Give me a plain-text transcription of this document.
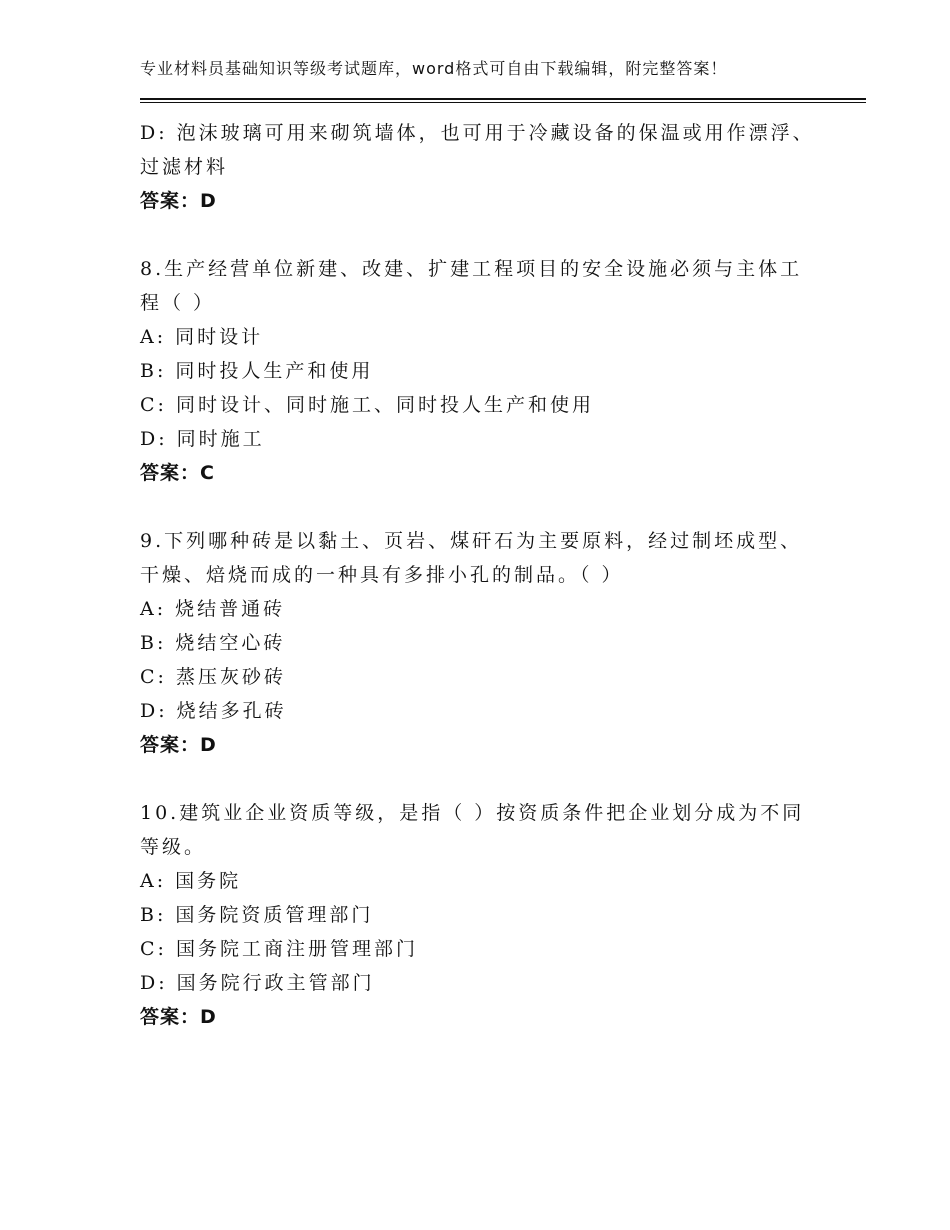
专业材料员基础知识等级考试题库，word格式可自由下载编辑，附完整答案！
D: 泡沫玻璃可用来砌筑墙体，也可用于冷藏设备的保温或用作漂浮、
过滤材料
答案：D
8.生产经营单位新建、改建、扩建工程项目的安全设施必须与主体工
程（ ）
A: 同时设计
B: 同时投人生产和使用
C: 同时设计、同时施工、同时投人生产和使用
D: 同时施工
答案：C
9.下列哪种砖是以黏土、页岩、煤矸石为主要原料，经过制坯成型、
干燥、焙烧而成的一种具有多排小孔的制品。（ ）
A: 烧结普通砖
B: 烧结空心砖
C: 蒸压灰砂砖
D: 烧结多孔砖
答案：D
10.建筑业企业资质等级，是指（ ）按资质条件把企业划分成为不同
等级。
A: 国务院
B: 国务院资质管理部门
C: 国务院工商注册管理部门
D: 国务院行政主管部门
答案：D
